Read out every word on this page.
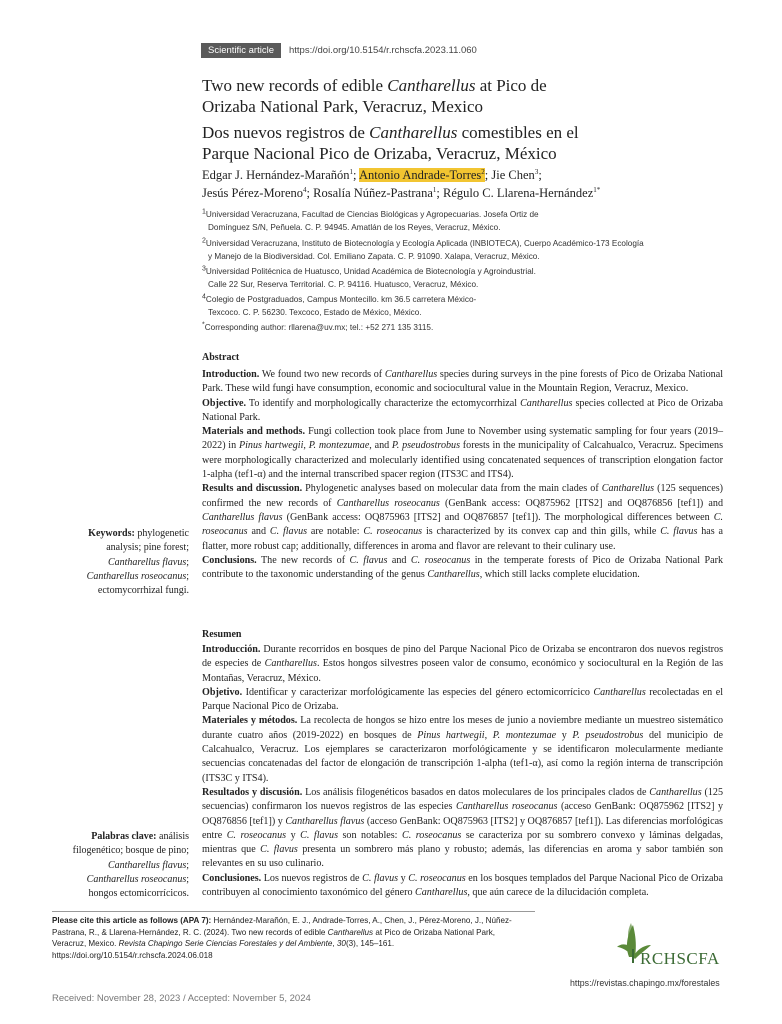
Scientific article	https://doi.org/10.5154/r.rchscfa.2023.11.060
Two new records of edible Cantharellus at Pico de
Orizaba National Park, Veracruz, Mexico
Dos nuevos registros de Cantharellus comestibles en el
Parque Nacional Pico de Orizaba, Veracruz, México
Edgar J. Hernández-Marañón$^1$; Antonio Andrade-Torres$^2$; Jie Chen$^3$;
Jesús Pérez-Moreno$^4$; Rosalía Núñez-Pastrana$^1$; Régulo C. Llarena-Hernández$^{1*}$
$^1$Universidad Veracruzana, Facultad de Ciencias Biológicas y Agropecuarias. Josefa Ortiz de
Domínguez S/N, Peñuela. C. P. 94945. Amatlán de los Reyes, Veracruz, México.
$^2$Universidad Veracruzana, Instituto de Biotecnología y Ecología Aplicada (INBIOTECA), Cuerpo Académico-173 Ecología
y Manejo de la Biodiversidad. Col. Emiliano Zapata. C. P. 91090. Xalapa, Veracruz, México.
$^3$Universidad Politécnica de Huatusco, Unidad Académica de Biotecnología y Agroindustrial.
Calle 22 Sur, Reserva Territorial. C. P. 94116. Huatusco, Veracruz, México.
$^4$Colegio de Postgraduados, Campus Montecillo. km 36.5 carretera México-
Texcoco. C. P. 56230. Texcoco, Estado de México, México.
*Corresponding author: rllarena@uv.mx; tel.: +52 271 135 3115.
Abstract

Introduction. We found two new records of Cantharellus species during surveys in the pine forests of Pico de Orizaba National Park. These wild fungi have consumption, economic and sociocultural value in the Mountain Region, Veracruz, Mexico.

Objective. To identify and morphologically characterize the ectomycorrhizal Cantharellus species collected at Pico de Orizaba National Park.

Materials and methods. Fungi collection took place from June to November using systematic sampling for four years (2019–2022) in Pinus hartwegii, P. montezumae, and P. pseudostrobus forests in the municipality of Calcahualco, Veracruz. Specimens were morphologically characterized and molecularly identified using concatenated sequences of transcription elongation factor 1-alpha (tef1-α) and the internal transcribed spacer region (ITS3C and ITS4).

Results and discussion. Phylogenetic analyses based on molecular data from the main clades of Cantharellus (125 sequences) confirmed the new records of Cantharellus roseocanus (GenBank access: OQ875962 [ITS2] and OQ876856 [tef1]) and Cantharellus flavus (GenBank access: OQ875963 [ITS2] and OQ876857 [tef1]). The morphological differences between C. roseocanus and C. flavus are notable: C. roseocanus is characterized by its convex cap and thin gills, while C. flavus has a flatter, more robust cap; additionally, differences in aroma and flavor are relevant to their culinary use.

Conclusions. The new records of C. flavus and C. roseocanus in the temperate forests of Pico de Orizaba National Park contribute to the taxonomic understanding of the genus Cantharellus, which still lacks complete elucidation.

Keywords: phylogenetic analysis; pine forest; Cantharellus flavus; Cantharellus roseocanus; ectomycorrhizal fungi.
Resumen

Introducción. Durante recorridos en bosques de pino del Parque Nacional Pico de Orizaba se encontraron dos nuevos registros de especies de Cantharellus. Estos hongos silvestres poseen valor de consumo, económico y sociocultural en la Región de las Montañas, Veracruz, México.

Objetivo. Identificar y caracterizar morfológicamente las especies del género ectomicorrícico Cantharellus recolectadas en el Parque Nacional Pico de Orizaba.

Materiales y métodos. La recolecta de hongos se hizo entre los meses de junio a noviembre mediante un muestreo sistemático durante cuatro años (2019-2022) en bosques de Pinus hartwegii, P. montezumae y P. pseudostrobus del municipio de Calcahualco, Veracruz. Los ejemplares se caracterizaron morfológicamente y se identificaron molecularmente mediante secuencias concatenadas del factor de elongación de transcripción 1-alpha (tef1-α), así como la región interna de transcripción (ITS3C y ITS4).

Resultados y discusión. Los análisis filogenéticos basados en datos moleculares de los principales clados de Cantharellus (125 secuencias) confirmaron los nuevos registros de las especies Cantharellus roseocanus (acceso GenBank: OQ875962 [ITS2] y OQ876856 [tef1]) y Cantharellus flavus (acceso GenBank: OQ875963 [ITS2] y OQ876857 [tef1]). Las diferencias morfológicas entre C. roseocanus y C. flavus son notables: C. roseocanus se caracteriza por su sombrero convexo y láminas delgadas, mientras que C. flavus presenta un sombrero más plano y robusto; además, las diferencias en aroma y sabor también son relevantes en su uso culinario.

Conclusiones. Los nuevos registros de C. flavus y C. roseocanus en los bosques templados del Parque Nacional Pico de Orizaba contribuyen al conocimiento taxonómico del género Cantharellus, que aún carece de la dilucidación completa.

Palabras clave: análisis filogenético; bosque de pino; Cantharellus flavus; Cantharellus roseocanus; hongos ectomicorrícicos.
Please cite this article as follows (APA 7): Hernández-Marañón, E. J., Andrade-Torres, A., Chen, J., Pérez-Moreno, J., Núñez-Pastrana, R., & Llarena-Hernández, R. C. (2024). Two new records of edible Cantharellus at Pico de Orizaba National Park, Veracruz, Mexico. Revista Chapingo Serie Ciencias Forestales y del Ambiente, 30(3), 145–161. https://doi.org/10.5154/r.rchscfa.2024.06.018	RCHSCFA
Received: November 28, 2023 / Accepted: November 5, 2024
https://revistas.chapingo.mx/forestales
